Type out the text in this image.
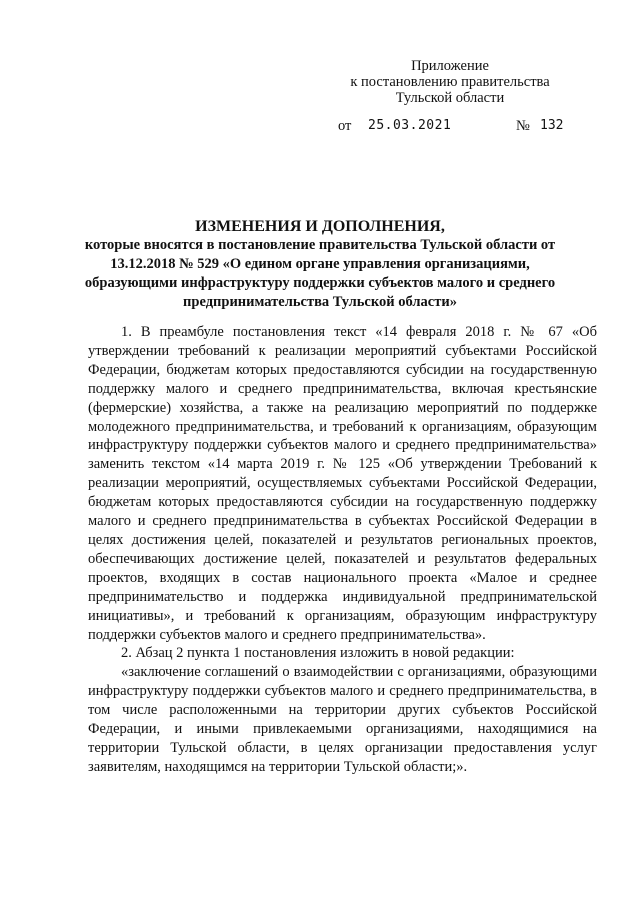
Приложение
к постановлению правительства
Тульской области
от 25.03.2021	№ 132
ИЗМЕНЕНИЯ И ДОПОЛНЕНИЯ,
которые вносятся в постановление правительства Тульской области от 13.12.2018 № 529 «О едином органе управления организациями, образующими инфраструктуру поддержки субъектов малого и среднего предпринимательства Тульской области»

1. В преамбуле постановления текст «14 февраля 2018 г. № 67 «Об утверждении требований к реализации мероприятий субъектами Российской Федерации, бюджетам которых предоставляются субсидии на государственную поддержку малого и среднего предпринимательства, включая крестьянские (фермерские) хозяйства, а также на реализацию мероприятий по поддержке молодежного предпринимательства, и требований к организациям, образующим инфраструктуру поддержки субъектов малого и среднего предпринимательства» заменить текстом «14 марта 2019 г. № 125 «Об утверждении Требований к реализации мероприятий, осуществляемых субъектами Российской Федерации, бюджетам которых предоставляются субсидии на государственную поддержку малого и среднего предпринимательства в субъектах Российской Федерации в целях достижения целей, показателей и результатов региональных проектов, обеспечивающих достижение целей, показателей и результатов федеральных проектов, входящих в состав национального проекта «Малое и среднее предпринимательство и поддержка индивидуальной предпринимательской инициативы», и требований к организациям, образующим инфраструктуру поддержки субъектов малого и среднего предпринимательства».

2. Абзац 2 пункта 1 постановления изложить в новой редакции:

«заключение соглашений о взаимодействии с организациями, образующими инфраструктуру поддержки субъектов малого и среднего предпринимательства, в том числе расположенными на территории других субъектов Российской Федерации, и иными привлекаемыми организациями, находящимися на территории Тульской области, в целях организации предоставления услуг заявителям, находящимся на территории Тульской области;».
